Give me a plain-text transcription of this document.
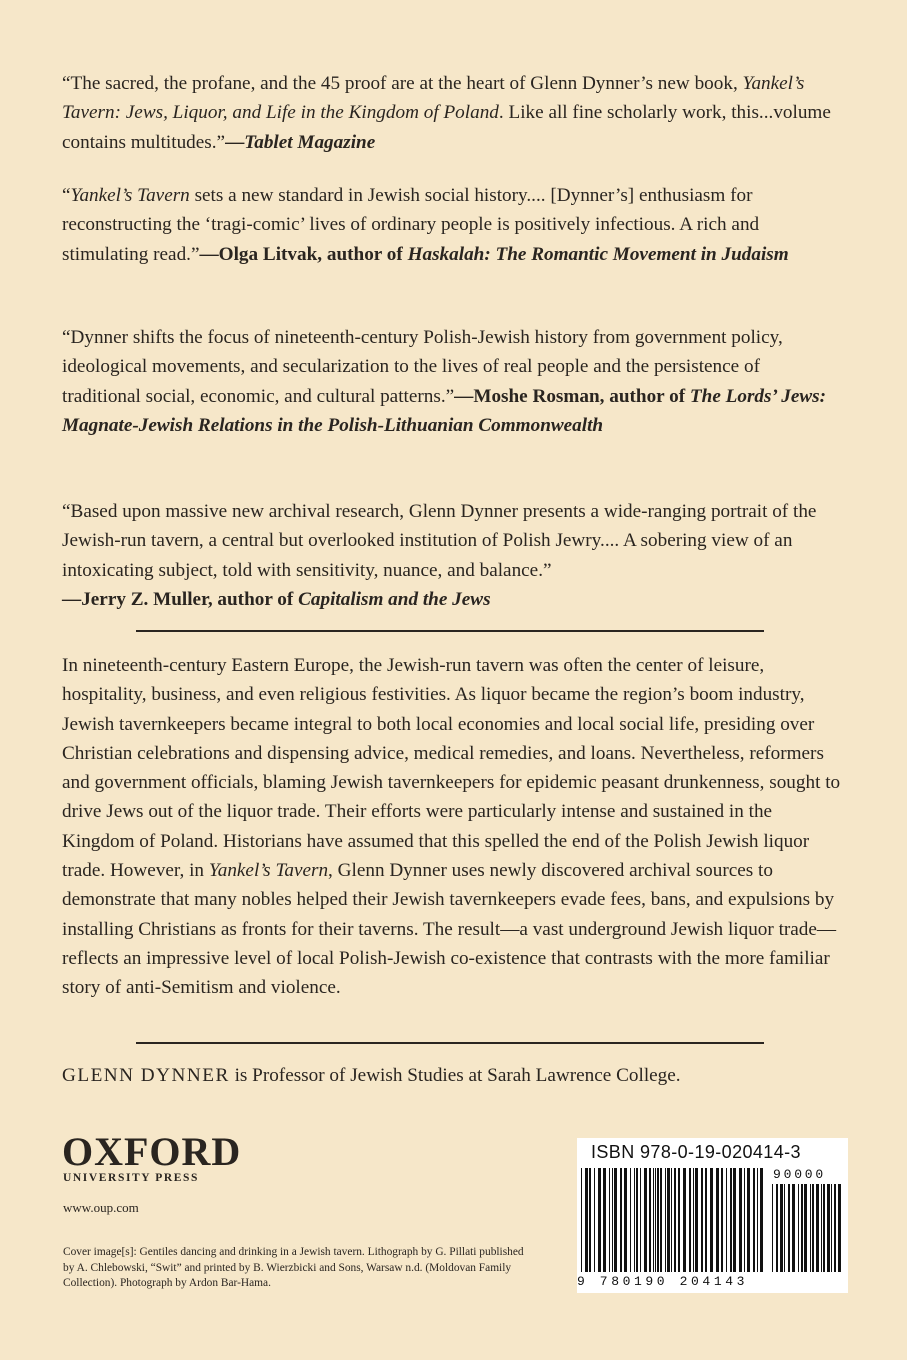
“The sacred, the profane, and the 45 proof are at the heart of Glenn Dynner’s new book, Yankel’s Tavern: Jews, Liquor, and Life in the Kingdom of Poland. Like all fine scholarly work, this...volume contains multitudes.”—Tablet Magazine

“Yankel’s Tavern sets a new standard in Jewish social history.... [Dynner’s] enthusiasm for reconstructing the ‘tragi-comic’ lives of ordinary people is positively infectious. A rich and stimulating read.”—Olga Litvak, author of Haskalah: The Romantic Movement in Judaism

“Dynner shifts the focus of nineteenth-century Polish-Jewish history from government policy, ideological movements, and secularization to the lives of real people and the persistence of traditional social, economic, and cultural patterns.”—Moshe Rosman, author of The Lords’ Jews: Magnate-Jewish Relations in the Polish-Lithuanian Commonwealth

“Based upon massive new archival research, Glenn Dynner presents a wide-ranging portrait of the Jewish-run tavern, a central but overlooked institution of Polish Jewry.... A sobering view of an intoxicating subject, told with sensitivity, nuance, and balance.”
—Jerry Z. Muller, author of Capitalism and the Jews

In nineteenth-century Eastern Europe, the Jewish-run tavern was often the center of leisure, hospitality, business, and even religious festivities. As liquor became the region’s boom industry, Jewish tavernkeepers became integral to both local economies and local social life, presiding over Christian celebrations and dispensing advice, medical remedies, and loans. Nevertheless, reformers and government officials, blaming Jewish tavernkeepers for epidemic peasant drunkenness, sought to drive Jews out of the liquor trade. Their efforts were particularly intense and sustained in the Kingdom of Poland. Historians have assumed that this spelled the end of the Polish Jewish liquor trade. However, in Yankel’s Tavern, Glenn Dynner uses newly discovered archival sources to demonstrate that many nobles helped their Jewish tavernkeepers evade fees, bans, and expulsions by installing Christians as fronts for their taverns. The result—a vast underground Jewish liquor trade—reflects an impressive level of local Polish-Jewish co-existence that contrasts with the more familiar story of anti-Semitism and violence.

GLENN DYNNER is Professor of Jewish Studies at Sarah Lawrence College.

OXFORD
UNIVERSITY PRESS
www.oup.com

Cover image[s]: Gentiles dancing and drinking in a Jewish tavern. Lithograph by G. Pillati published by A. Chlebowski, “Swit” and printed by B. Wierzbicki and Sons, Warsaw n.d. (Moldovan Family Collection). Photograph by Ardon Bar-Hama.

ISBN 978-0-19-020414-3
90000
9 780190 204143
